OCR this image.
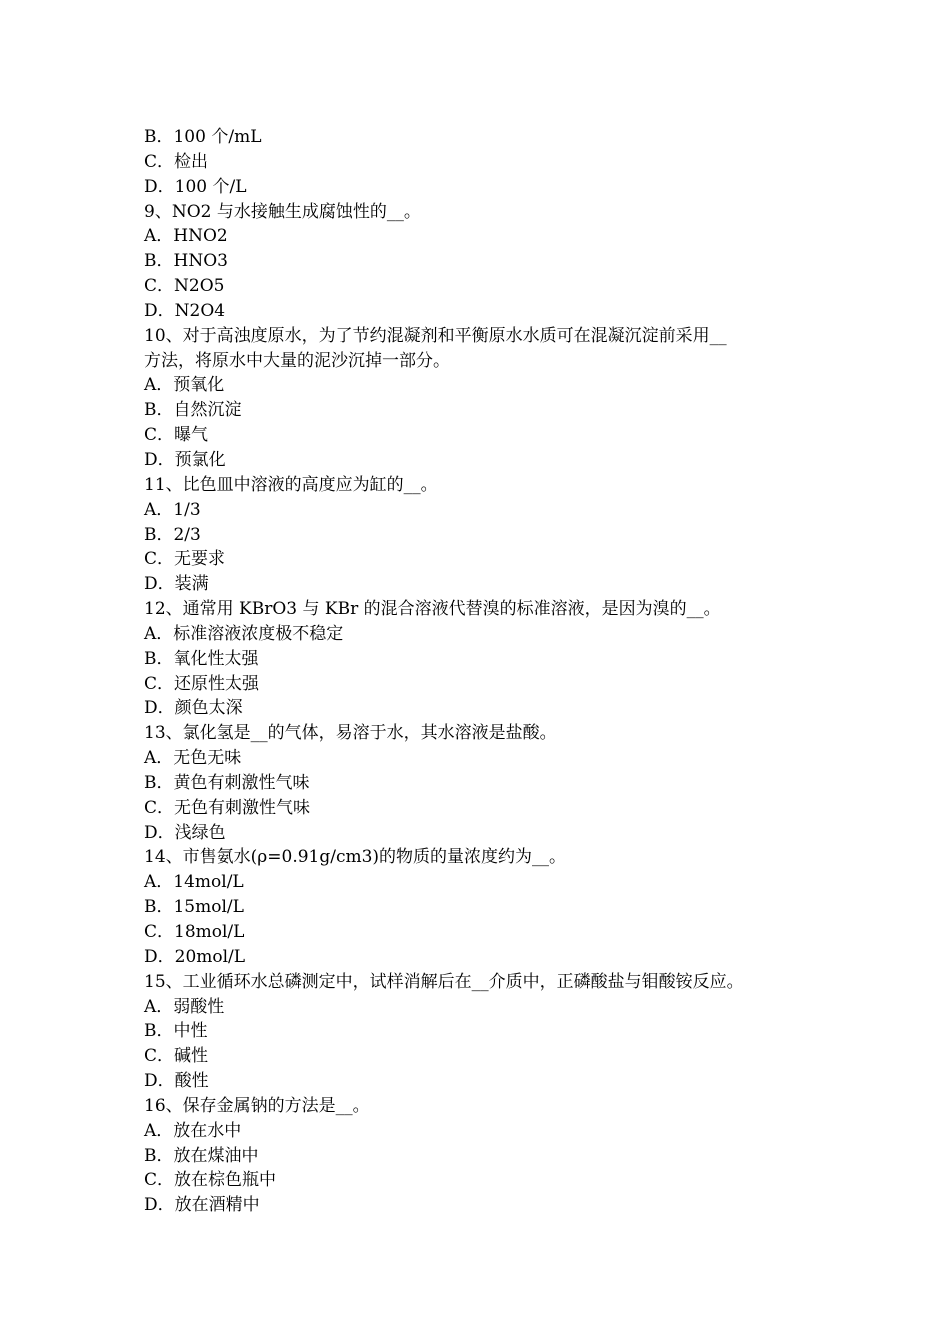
B．100 个/mL
C．检出
D．100 个/L
9、NO2 与水接触生成腐蚀性的__。
A．HNO2
B．HNO3
C．N2O5
D．N2O4
10、对于高浊度原水，为了节约混凝剂和平衡原水水质可在混凝沉淀前采用__
方法，将原水中大量的泥沙沉掉一部分。
A．预氧化
B．自然沉淀
C．曝气
D．预氯化
11、比色皿中溶液的高度应为缸的__。
A．1/3
B．2/3
C．无要求
D．装满
12、通常用 KBrO3 与 KBr 的混合溶液代替溴的标准溶液，是因为溴的__。
A．标准溶液浓度极不稳定
B．氧化性太强
C．还原性太强
D．颜色太深
13、氯化氢是__的气体，易溶于水，其水溶液是盐酸。
A．无色无味
B．黄色有刺激性气味
C．无色有刺激性气味
D．浅绿色
14、市售氨水(ρ=0.91g/cm3)的物质的量浓度约为__。
A．14mol/L
B．15mol/L
C．18mol/L
D．20mol/L
15、工业循环水总磷测定中，试样消解后在__介质中，正磷酸盐与钼酸铵反应。
A．弱酸性
B．中性
C．碱性
D．酸性
16、保存金属钠的方法是__。
A．放在水中
B．放在煤油中
C．放在棕色瓶中
D．放在酒精中
